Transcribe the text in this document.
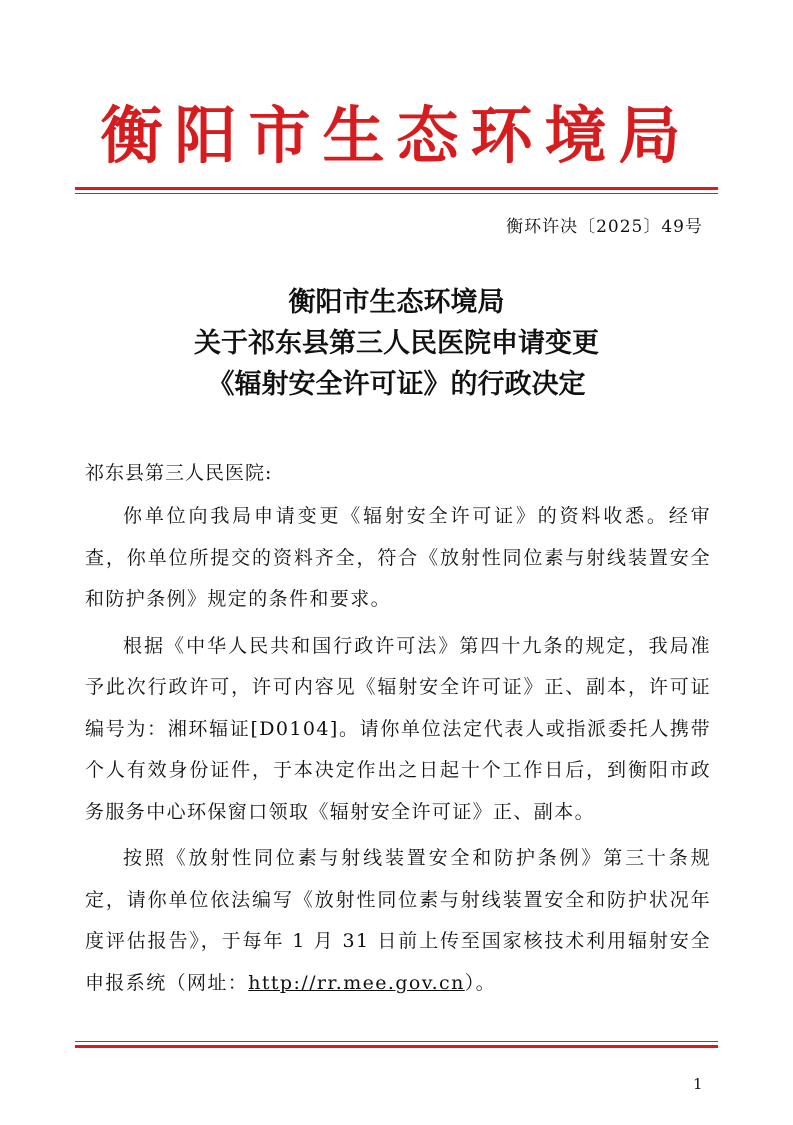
衡阳市生态环境局
衡环许决〔2025〕49号
衡阳市生态环境局
关于祁东县第三人民医院申请变更
《辐射安全许可证》的行政决定
祁东县第三人民医院:

你单位向我局申请变更《辐射安全许可证》的资料收悉。经审查，你单位所提交的资料齐全，符合《放射性同位素与射线装置安全和防护条例》规定的条件和要求。

根据《中华人民共和国行政许可法》第四十九条的规定，我局准予此次行政许可，许可内容见《辐射安全许可证》正、副本，许可证编号为：湘环辐证[D0104]。请你单位法定代表人或指派委托人携带个人有效身份证件，于本决定作出之日起十个工作日后，到衡阳市政务服务中心环保窗口领取《辐射安全许可证》正、副本。

按照《放射性同位素与射线装置安全和防护条例》第三十条规定，请你单位依法编写《放射性同位素与射线装置安全和防护状况年度评估报告》，于每年 1 月 31 日前上传至国家核技术利用辐射安全申报系统（网址：http://rr.mee.gov.cn）。

1
